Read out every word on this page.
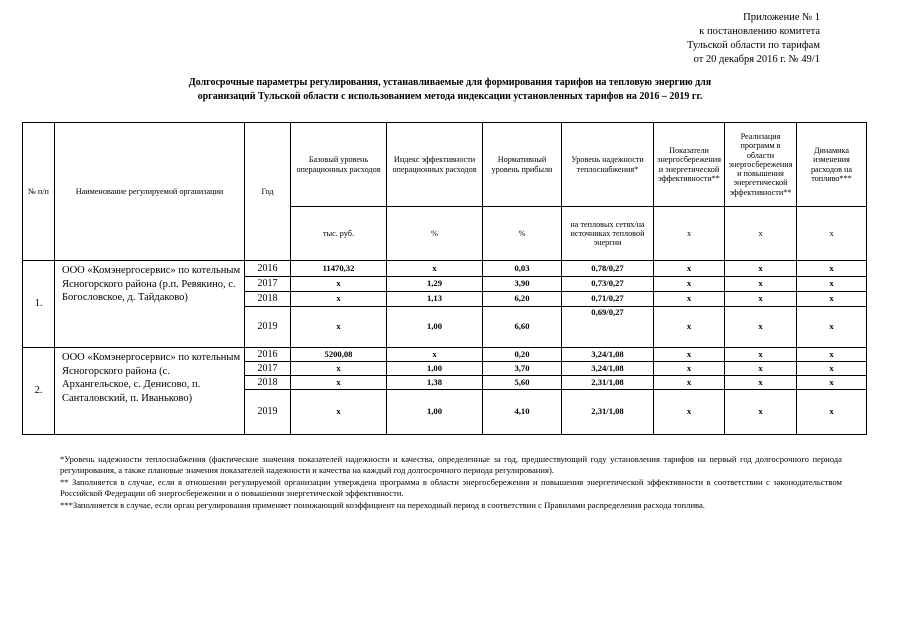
Приложение № 1
к постановлению комитета
Тульской области по тарифам
от 20 декабря 2016 г. № 49/1
Долгосрочные параметры регулирования, устанавливаемые для формирования тарифов на тепловую энергию для
организаций Тульской области с использованием метода индексации установленных тарифов на 2016 – 2019 гг.
№ п/п	Наименование регулируемой организации	Год	Базовый уровень операционных расходов	Индекс эффективности операционных расходов	Нормативный уровень прибыли	Уровень надежности теплоснабжения*	Показатели энергосбережения и энергетической эффективности**	Реализация программ в области энергосбережения и повышения энергетической эффективности**	Динамика изменения расходов на топливо***
			тыс. руб.	%	%	на тепловых сетях/на источниках тепловой энергии	х	х	х
1.	ООО «Комэнергосервис» по котельным Ясногорского района (р.п. Ревякино, с. Богословское, д. Тайдаково)	2016	11470,32	х	0,03	0,78/0,27	х	х	х
		2017	х	1,29	3,90	0,73/0,27	х	х	х
		2018	х	1,13	6,20	0,71/0,27	х	х	х
		2019	х	1,00	6,60	0,69/0,27	х	х	х
2.	ООО «Комэнергосервис» по котельным Ясногорского района (с. Архангельское, с. Денисово, п. Санталовский, п. Иваньково)	2016	5200,08	х	0,20	3,24/1,08	х	х	х
		2017	х	1,00	3,70	3,24/1,08	х	х	х
		2018	х	1,38	5,60	2,31/1,08	х	х	х
		2019	х	1,00	4,10	2,31/1,08	х	х	х

*Уровень надежности теплоснабжения (фактические значения показателей надежности и качества, определенные за год, предшествующий году установления тарифов на первый год долгосрочного периода регулирования, а также плановые значения показателей надежности и качества на каждый год долгосрочного периода регулирования).

** Заполняется в случае, если в отношении регулируемой организации утверждена программа в области энергосбережения и повышения энергетической эффективности в соответствии с законодательством Российской Федерации об энергосбережении и о повышении энергетической эффективности.

***Заполняется в случае, если орган регулирования применяет понижающий коэффициент на переходный период в соответствии с Правилами распределения расхода топлива.
